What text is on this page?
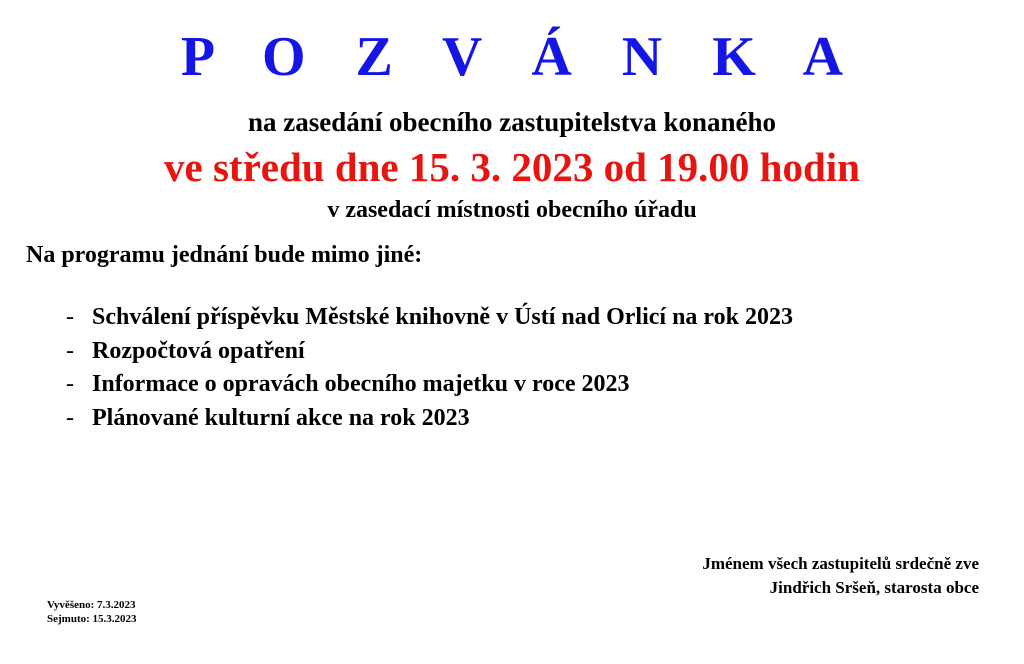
P O Z V Á N K A
na zasedání obecního zastupitelstva konaného
ve středu dne 15. 3. 2023 od 19.00 hodin
v zasedací místnosti obecního úřadu
Na programu jednání bude mimo jiné:
- Schválení příspěvku Městské knihovně v Ústí nad Orlicí na rok 2023
- Rozpočtová opatření
- Informace o opravách obecního majetku v roce 2023
- Plánované kulturní akce na rok 2023
Jménem všech zastupitelů srdečně zve
Jindřich Sršeň, starosta obce
Vyvěšeno: 7.3.2023
Sejmuto: 15.3.2023
